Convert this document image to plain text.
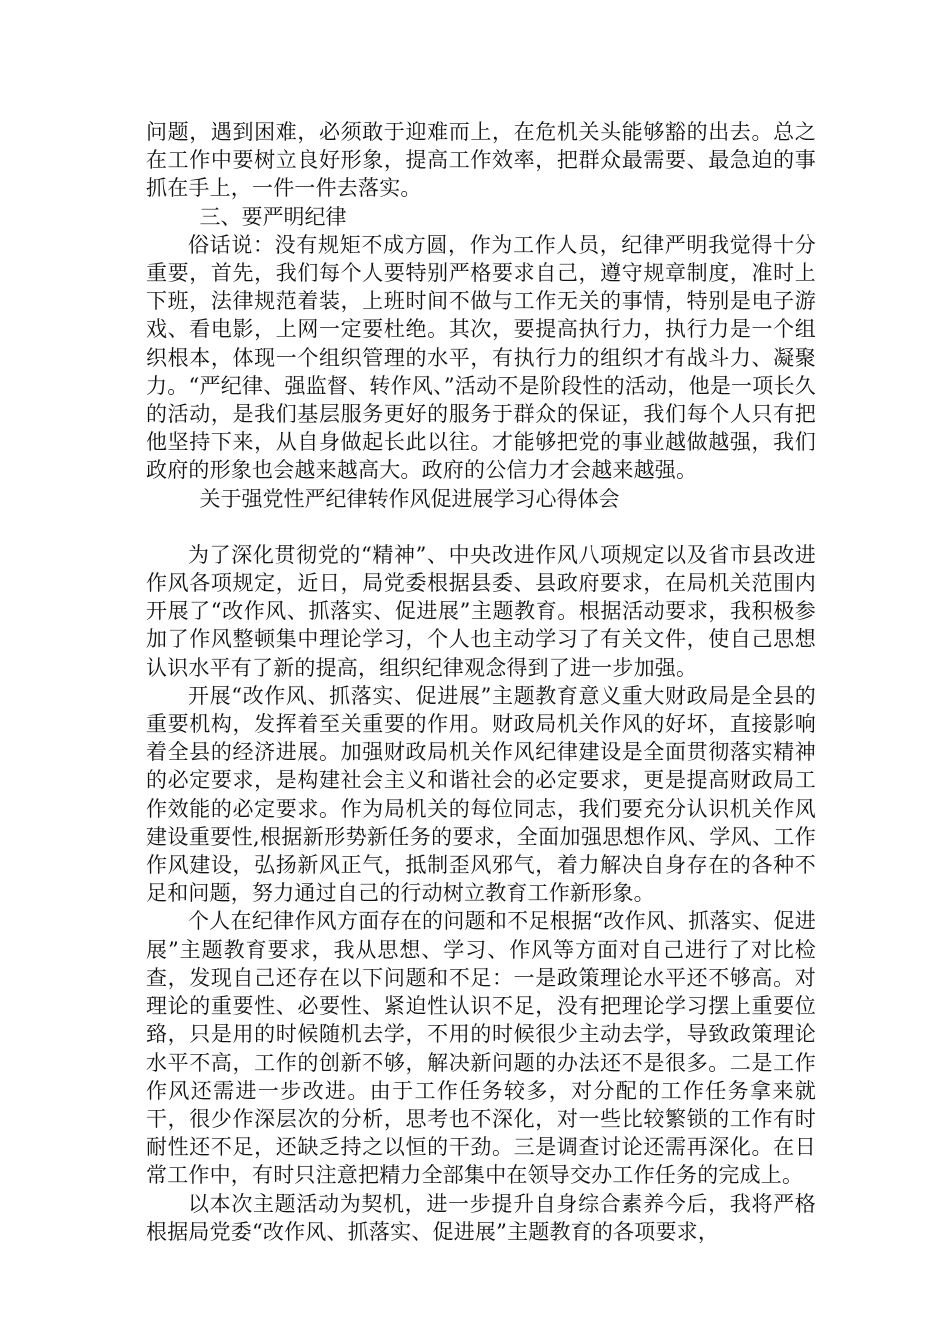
问题，遇到困难，必须敢于迎难而上，在危机关头能够豁的出去。总之在工作中要树立良好形象，提高工作效率，把群众最需要、最急迫的事抓在手上，一件一件去落实。

三、要严明纪律

俗话说：没有规矩不成方圆，作为工作人员，纪律严明我觉得十分重要，首先，我们每个人要特别严格要求自己，遵守规章制度，准时上下班，法律规范着装，上班时间不做与工作无关的事情，特别是电子游戏、看电影，上网一定要杜绝。其次，要提高执行力，执行力是一个组织根本，体现一个组织管理的水平，有执行力的组织才有战斗力、凝聚力。“严纪律、强监督、转作风、”活动不是阶段性的活动，他是一项长久的活动，是我们基层服务更好的服务于群众的保证，我们每个人只有把他坚持下来，从自身做起长此以往。才能够把党的事业越做越强，我们政府的形象也会越来越高大。政府的公信力才会越来越强。

关于强党性严纪律转作风促进展学习心得体会

为了深化贯彻党的“精神”、中央改进作风八项规定以及省市县改进作风各项规定，近日，局党委根据县委、县政府要求，在局机关范围内开展了“改作风、抓落实、促进展”主题教育。根据活动要求，我积极参加了作风整顿集中理论学习，个人也主动学习了有关文件，使自己思想认识水平有了新的提高，组织纪律观念得到了进一步加强。

开展“改作风、抓落实、促进展”主题教育意义重大财政局是全县的重要机构，发挥着至关重要的作用。财政局机关作风的好坏，直接影响着全县的经济进展。加强财政局机关作风纪律建设是全面贯彻落实精神的必定要求，是构建社会主义和谐社会的必定要求，更是提高财政局工作效能的必定要求。作为局机关的每位同志，我们要充分认识机关作风建设重要性,根据新形势新任务的要求，全面加强思想作风、学风、工作作风建设，弘扬新风正气，抵制歪风邪气，着力解决自身存在的各种不足和问题，努力通过自己的行动树立教育工作新形象。

个人在纪律作风方面存在的问题和不足根据“改作风、抓落实、促进展”主题教育要求，我从思想、学习、作风等方面对自己进行了对比检查，发现自己还存在以下问题和不足：一是政策理论水平还不够高。对理论的重要性、必要性、紧迫性认识不足，没有把理论学习摆上重要位臵，只是用的时候随机去学，不用的时候很少主动去学，导致政策理论水平不高，工作的创新不够，解决新问题的办法还不是很多。二是工作作风还需进一步改进。由于工作任务较多，对分配的工作任务拿来就干，很少作深层次的分析，思考也不深化，对一些比较繁锁的工作有时耐性还不足，还缺乏持之以恒的干劲。三是调查讨论还需再深化。在日常工作中，有时只注意把精力全部集中在领导交办工作任务的完成上。

以本次主题活动为契机，进一步提升自身综合素养今后，我将严格根据局党委“改作风、抓落实、促进展”主题教育的各项要求，
